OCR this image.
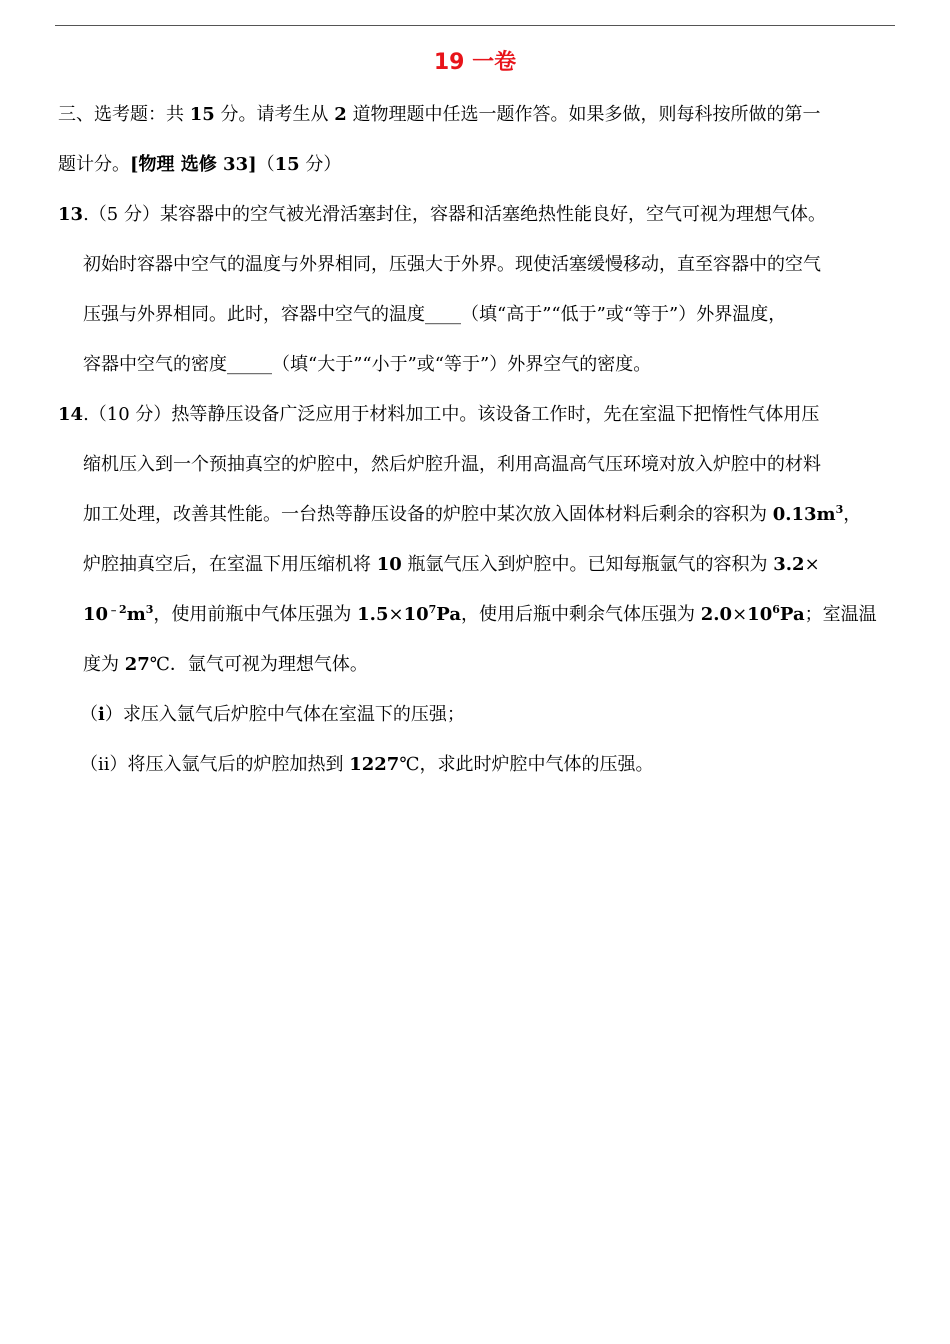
19 一卷
三、选考题：共 15 分。请考生从 2 道物理题中任选一题作答。如果多做，则每科按所做的第一
题计分。[物理 选修 33]（15 分）
13.（5 分）某容器中的空气被光滑活塞封住，容器和活塞绝热性能良好，空气可视为理想气体。
初始时容器中空气的温度与外界相同，压强大于外界。现使活塞缓慢移动，直至容器中的空气
压强与外界相同。此时，容器中空气的温度____（填“高于”“低于”或“等于”）外界温度，
容器中空气的密度_____（填“大于”“小于”或“等于”）外界空气的密度。
14.（10 分）热等静压设备广泛应用于材料加工中。该设备工作时，先在室温下把惰性气体用压
缩机压入到一个预抽真空的炉腔中，然后炉腔升温，利用高温高气压环境对放入炉腔中的材料
加工处理，改善其性能。一台热等静压设备的炉腔中某次放入固体材料后剩余的容积为 $0.13m^3$，
炉腔抽真空后，在室温下用压缩机将 10 瓶氩气压入到炉腔中。已知每瓶氩气的容积为 3.2×
$10^{﹣2}m^3$，使用前瓶中气体压强为 $1.5\times 10^7Pa$，使用后瓶中剩余气体压强为 $2.0\times 10^6Pa$；室温温
度为 27℃．氩气可视为理想气体。
（i）求压入氩气后炉腔中气体在室温下的压强；
（ⅱ）将压入氩气后的炉腔加热到 1227℃，求此时炉腔中气体的压强。
